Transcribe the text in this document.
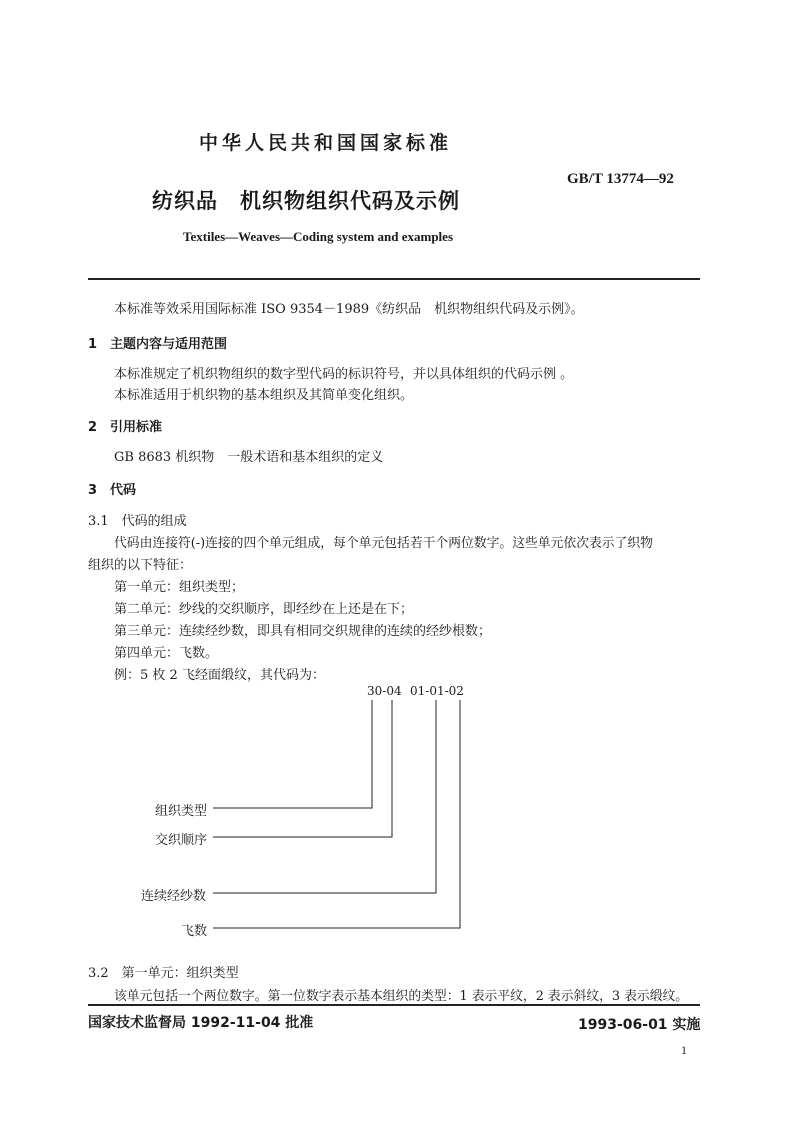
中华人民共和国国家标准
GB/T 13774—92
纺织品　机织物组织代码及示例
Textiles—Weaves—Coding system and examples
本标准等效采用国际标准 ISO 9354－1989《纺织品　机织物组织代码及示例》。
1　主题内容与适用范围
本标准规定了机织物组织的数字型代码的标识符号，并以具体组织的代码示例 。
本标准适用于机织物的基本组织及其简单变化组织。
2　引用标准
GB 8683 机织物　一般术语和基本组织的定义
3　代码
3.1　代码的组成
代码由连接符(-)连接的四个单元组成，每个单元包括若干个两位数字。这些单元依次表示了织物
组织的以下特征：
第一单元：组织类型；
第二单元：纱线的交织顺序，即经纱在上还是在下；
第三单元：连续经纱数，即具有相同交织规律的连续的经纱根数；
第四单元：飞数。
例：5 枚 2 飞经面缎纹，其代码为：
30-04 01-01-02
组织类型
交织顺序
连续经纱数
飞数
3.2　第一单元：组织类型
该单元包括一个两位数字。第一位数字表示基本组织的类型：1 表示平纹，2 表示斜纹，3 表示缎纹。
国家技术监督局 1992-11-04 批准	1993-06-01 实施
1
